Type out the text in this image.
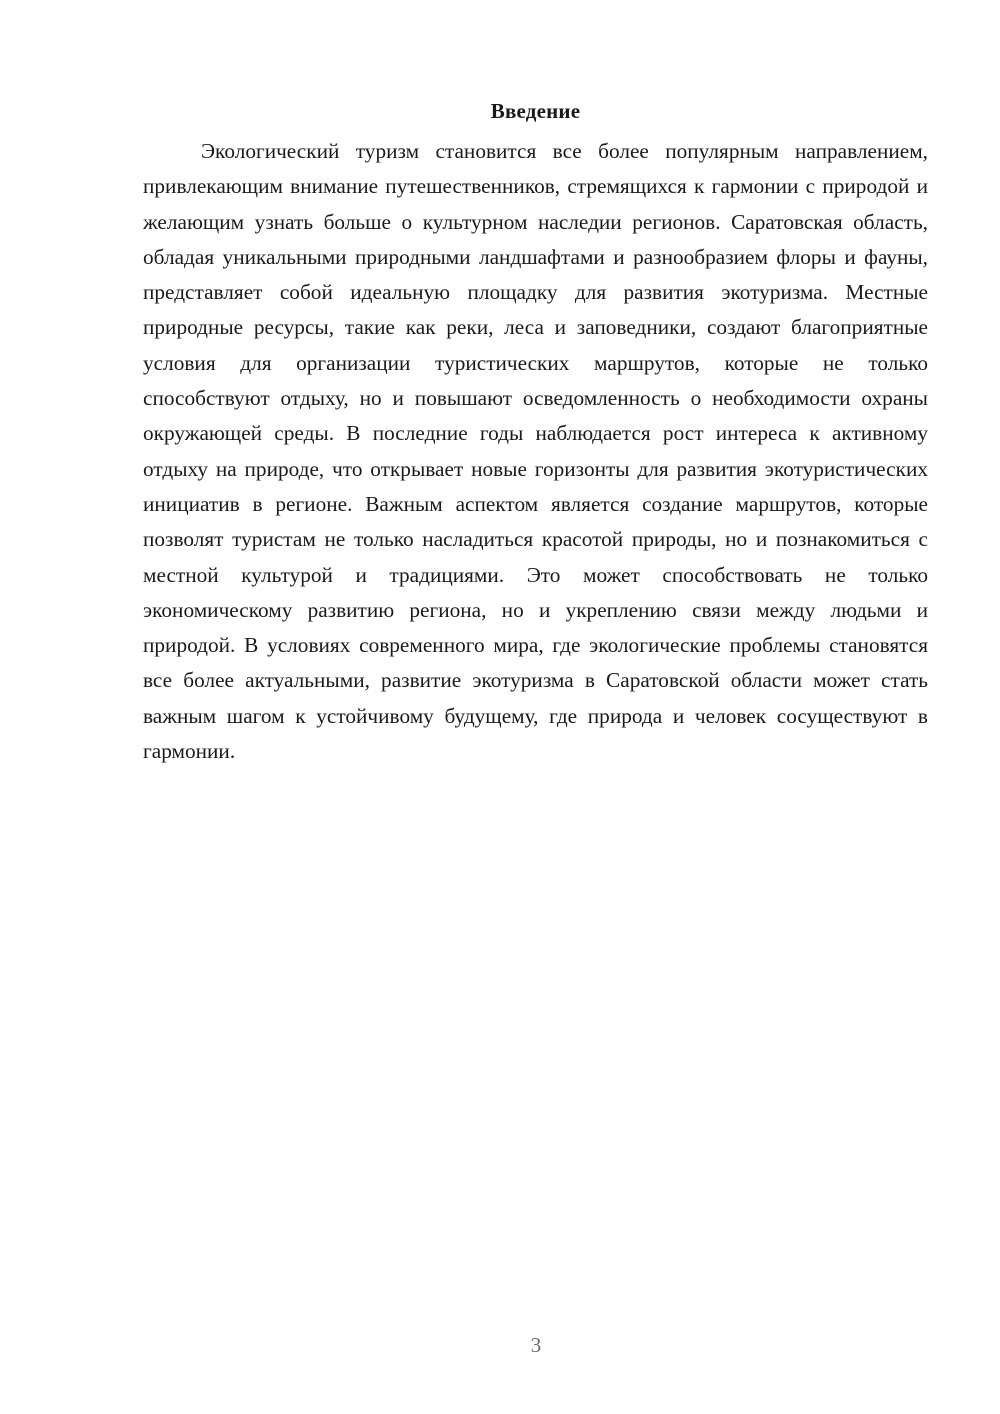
Введение

Экологический туризм становится все более популярным направлением, привлекающим внимание путешественников, стремящихся к гармонии с природой и желающим узнать больше о культурном наследии регионов. Саратовская область, обладая уникальными природными ландшафтами и разнообразием флоры и фауны, представляет собой идеальную площадку для развития экотуризма. Местные природные ресурсы, такие как реки, леса и заповедники, создают благоприятные условия для организации туристических маршрутов, которые не только способствуют отдыху, но и повышают осведомленность о необходимости охраны окружающей среды. В последние годы наблюдается рост интереса к активному отдыху на природе, что открывает новые горизонты для развития экотуристических инициатив в регионе. Важным аспектом является создание маршрутов, которые позволят туристам не только насладиться красотой природы, но и познакомиться с местной культурой и традициями. Это может способствовать не только экономическому развитию региона, но и укреплению связи между людьми и природой. В условиях современного мира, где экологические проблемы становятся все более актуальными, развитие экотуризма в Саратовской области может стать важным шагом к устойчивому будущему, где природа и человек сосуществуют в гармонии.

3
